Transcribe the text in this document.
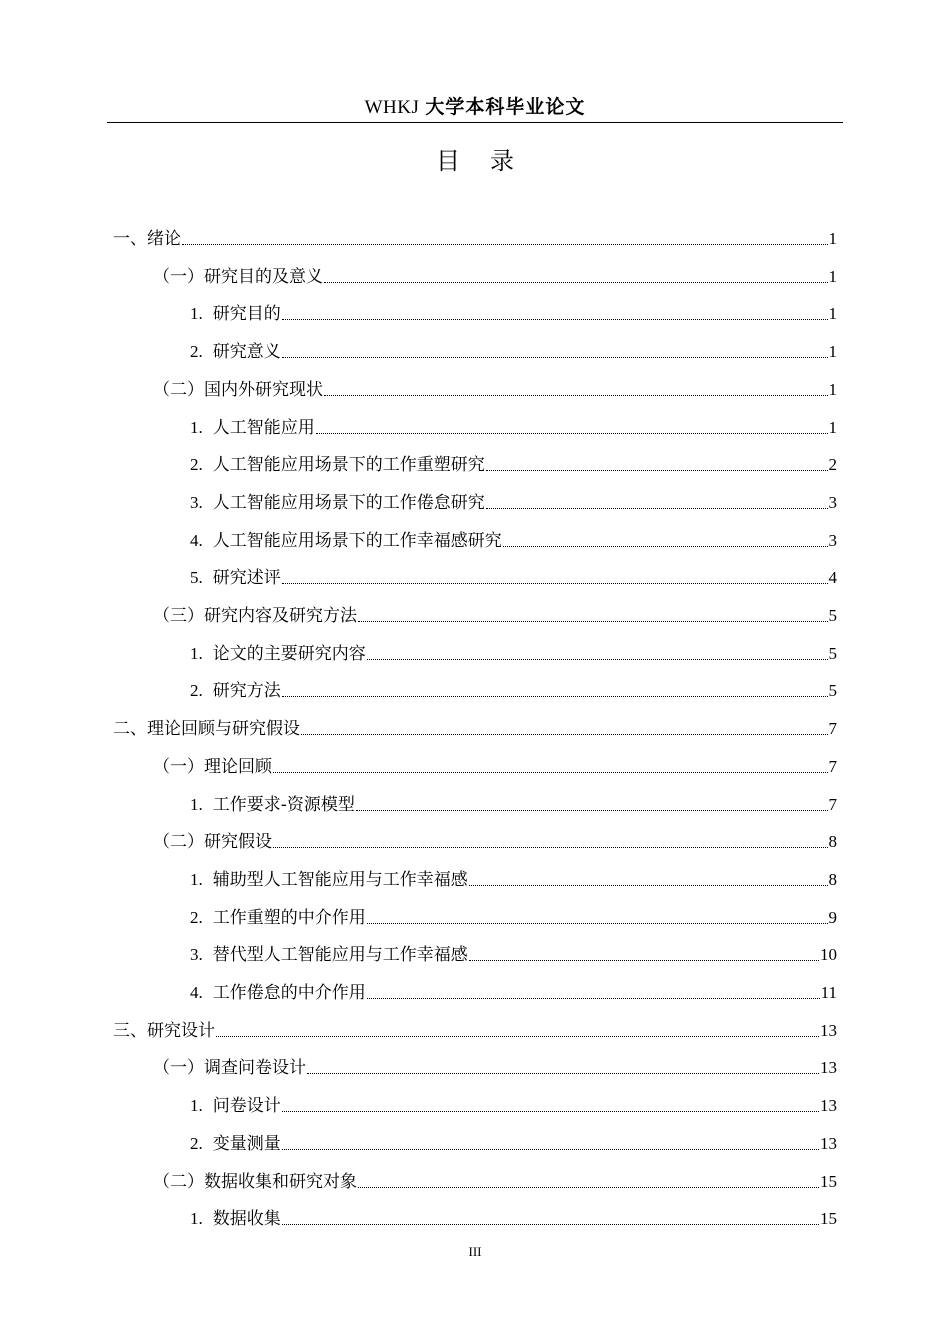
WHKJ 大学本科毕业论文
目录
一、绪论	1
（一）研究目的及意义	1
1. 研究目的	1
2. 研究意义	1
（二）国内外研究现状	1
1. 人工智能应用	1
2. 人工智能应用场景下的工作重塑研究	2
3. 人工智能应用场景下的工作倦怠研究	3
4. 人工智能应用场景下的工作幸福感研究	3
5. 研究述评	4
（三）研究内容及研究方法	5
1. 论文的主要研究内容	5
2. 研究方法	5
二、理论回顾与研究假设	7
（一）理论回顾	7
1. 工作要求-资源模型	7
（二）研究假设	8
1. 辅助型人工智能应用与工作幸福感	8
2. 工作重塑的中介作用	9
3. 替代型人工智能应用与工作幸福感	10
4. 工作倦怠的中介作用	11
三、研究设计	13
（一）调查问卷设计	13
1. 问卷设计	13
2. 变量测量	13
（二）数据收集和研究对象	15
1. 数据收集	15
III
